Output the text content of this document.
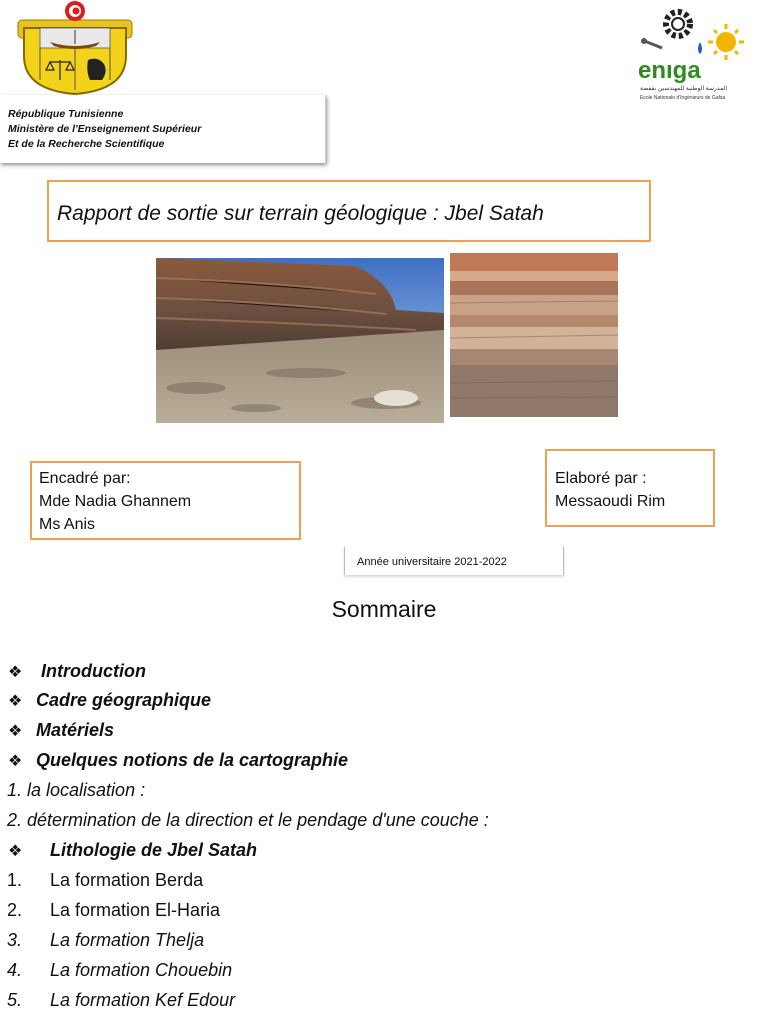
enıga
المدرسة الوطنية للمهندسين بقفصة
Ecole Nationale d'Ingénieurs de Gafsa
République Tunisienne
Ministère de l'Enseignement Supérieur
Et de la Recherche Scientifique
Rapport de sortie sur terrain géologique : Jbel Satah
Encadré par:
Mde Nadia Ghannem
Ms Anis
Elaboré par :
Messaoudi Rim
Année universitaire 2021-2022
Sommaire
❖ Introduction
❖ Cadre géographique
❖ Matériels
❖ Quelques notions de la cartographie
1. la localisation :
2. détermination de la direction et le pendage d'une couche :
❖ Lithologie de Jbel Satah
1. La formation Berda
2. La formation El-Haria
3. La formation Thelja
4. La formation Chouebin
5. La formation Kef Edour
